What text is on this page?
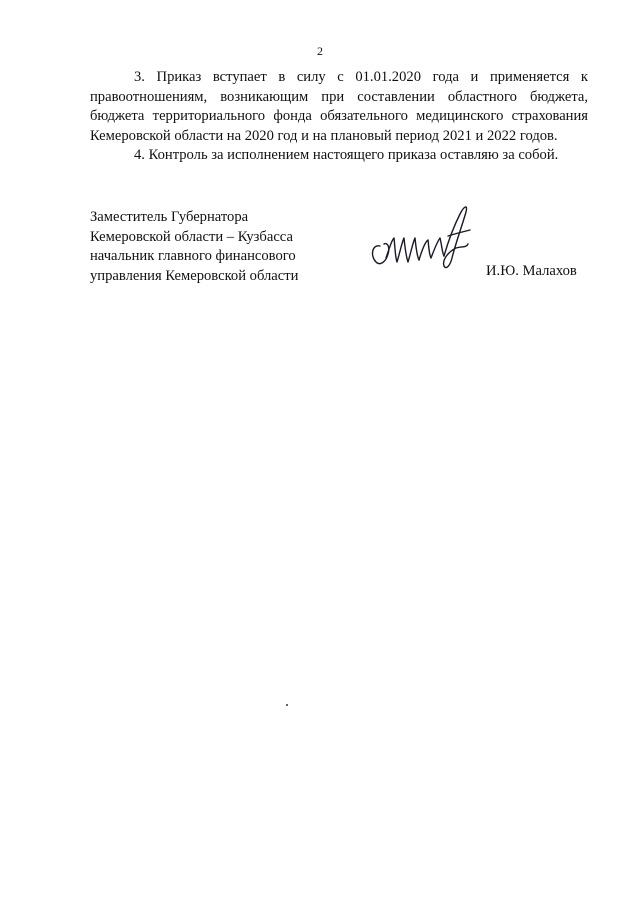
2

3. Приказ вступает в силу с 01.01.2020 года и применяется к правоотношениям, возникающим при составлении областного бюджета, бюджета территориального фонда обязательного медицинского страхования Кемеровской области на 2020 год и на плановый период 2021 и 2022 годов.

4. Контроль за исполнением настоящего приказа оставляю за собой.

Заместитель Губернатора
Кемеровской области – Кузбасса
начальник главного финансового
управления Кемеровской области	И.Ю. Малахов
